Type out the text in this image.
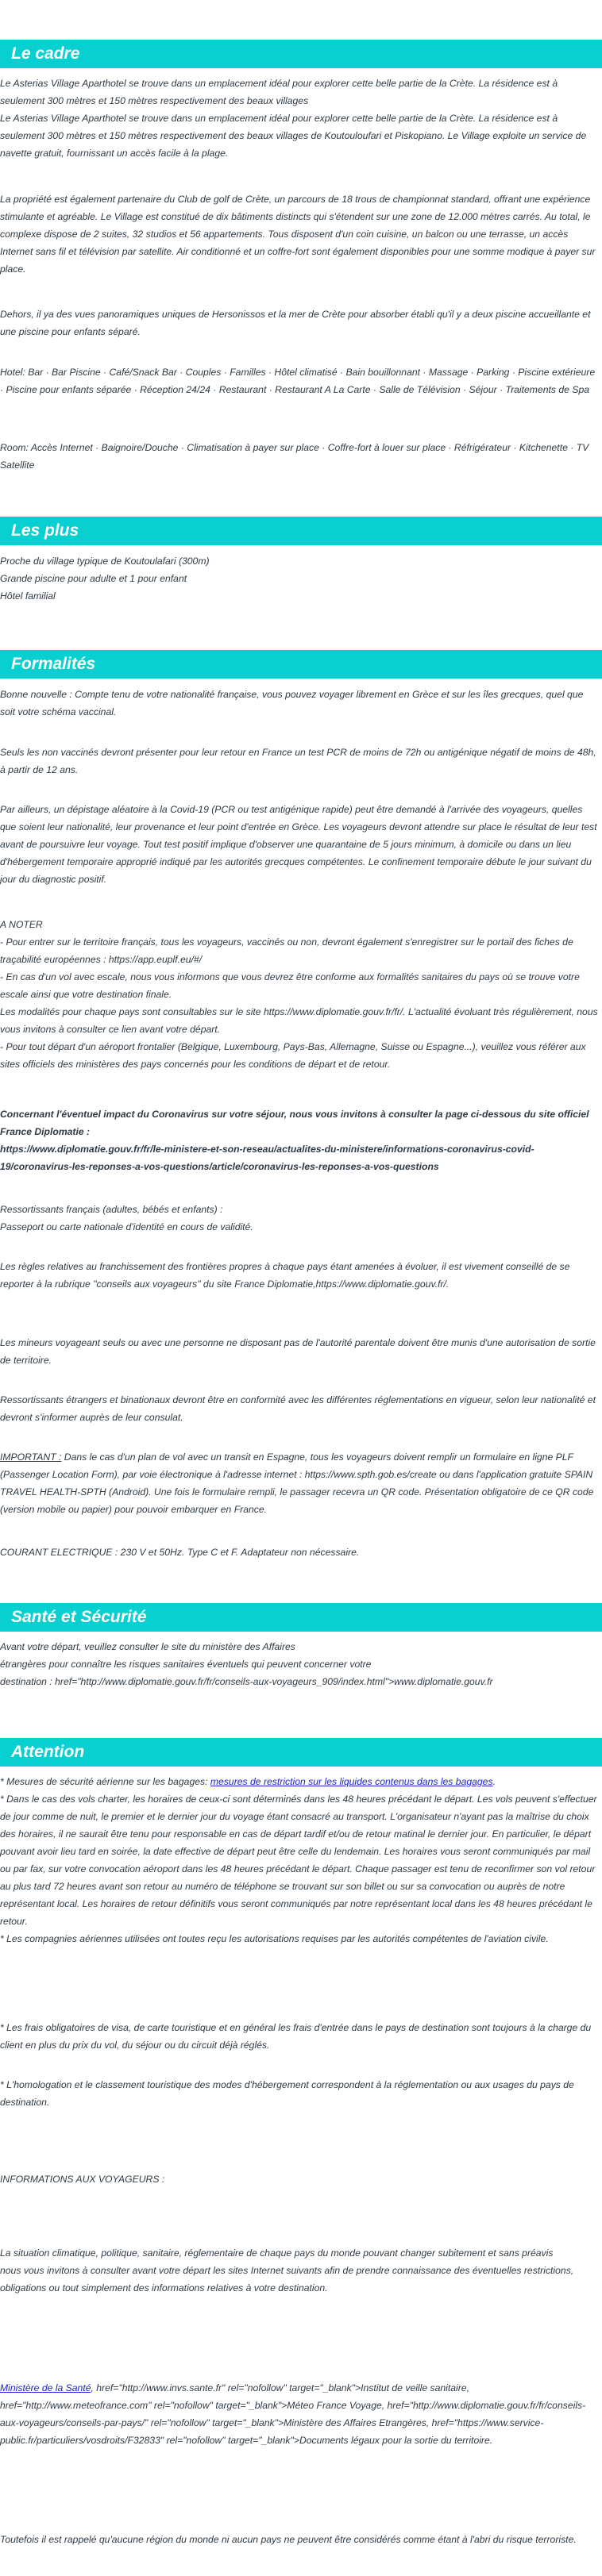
Le cadre

Le Asterias Village Aparthotel se trouve dans un emplacement idéal pour explorer cette belle partie de la Crète. La résidence est à seulement 300 mètres et 150 mètres respectivement des beaux villages

Le Asterias Village Aparthotel se trouve dans un emplacement idéal pour explorer cette belle partie de la Crète. La résidence est à seulement 300 mètres et 150 mètres respectivement des beaux villages de Koutouloufari et Piskopiano. Le Village exploite un service de navette gratuit, fournissant un accès facile à la plage.

La propriété est également partenaire du Club de golf de Crète, un parcours de 18 trous de championnat standard, offrant une expérience stimulante et agréable. Le Village est constitué de dix bâtiments distincts qui s'étendent sur une zone de 12.000 mètres carrés. Au total, le complexe dispose de 2 suites, 32 studios et 56 appartements. Tous disposent d'un coin cuisine, un balcon ou une terrasse, un accès Internet sans fil et télévision par satellite. Air conditionné et un coffre-fort sont également disponibles pour une somme modique à payer sur place.
Dehors, il ya des vues panoramiques uniques de Hersonissos et la mer de Crète pour absorber établi qu'il y a deux piscine accueillante et une piscine pour enfants séparé.
Hotel: Bar · Bar Piscine · Café/Snack Bar · Couples · Familles · Hôtel climatisé · Bain bouillonnant · Massage · Parking · Piscine extérieure · Piscine pour enfants séparée · Réception 24/24 · Restaurant · Restaurant A La Carte · Salle de Télévision · Séjour · Traitements de Spa
Room: Accès Internet · Baignoire/Douche · Climatisation à payer sur place · Coffre-fort à louer sur place · Réfrigérateur · Kitchenette · TV Satellite
Les plus

Proche du village typique de Koutoulafari (300m)

Grande piscine pour adulte et 1 pour enfant

Hôtel familial

Formalités
Bonne nouvelle : Compte tenu de votre nationalité française, vous pouvez voyager librement en Grèce et sur les îles grecques, quel que soit votre schéma vaccinal.
Seuls les non vaccinés devront présenter pour leur retour en France un test PCR de moins de 72h ou antigénique négatif de moins de 48h, à partir de 12 ans.
Par ailleurs, un dépistage aléatoire à la Covid-19 (PCR ou test antigénique rapide) peut être demandé à l'arrivée des voyageurs, quelles que soient leur nationalité, leur provenance et leur point d'entrée en Grèce. Les voyageurs devront attendre sur place le résultat de leur test avant de poursuivre leur voyage. Tout test positif implique d'observer une quarantaine de 5 jours minimum, à domicile ou dans un lieu d'hébergement temporaire approprié indiqué par les autorités grecques compétentes. Le confinement temporaire débute le jour suivant du jour du diagnostic positif.
A NOTER
- Pour entrer sur le territoire français, tous les voyageurs, vaccinés ou non, devront également s'enregistrer sur le portail des fiches de traçabilité européennes : https://app.euplf.eu/#/
- En cas d'un vol avec escale, nous vous informons que vous devrez être conforme aux formalités sanitaires du pays où se trouve votre escale ainsi que votre destination finale.
Les modalités pour chaque pays sont consultables sur le site https://www.diplomatie.gouv.fr/fr/. L'actualité évoluant très régulièrement, nous vous invitons à consulter ce lien avant votre départ.
- Pour tout départ d'un aéroport frontalier (Belgique, Luxembourg, Pays-Bas, Allemagne, Suisse ou Espagne...), veuillez vous référer aux sites officiels des ministères des pays concernés pour les conditions de départ et de retour.
Concernant l'éventuel impact du Coronavirus sur votre séjour, nous vous invitons à consulter la page ci-dessous du site officiel France Diplomatie :
https://www.diplomatie.gouv.fr/fr/le-ministere-et-son-reseau/actualites-du-ministere/informations-coronavirus-covid-19/coronavirus-les-reponses-a-vos-questions/article/coronavirus-les-reponses-a-vos-questions
Ressortissants français (adultes, bébés et enfants) :
Passeport ou carte nationale d'identité en cours de validité.
Les règles relatives au franchissement des frontières propres à chaque pays étant amenées à évoluer, il est vivement conseillé de se reporter à la rubrique "conseils aux voyageurs" du site France Diplomatie,https://www.diplomatie.gouv.fr/.
Les mineurs voyageant seuls ou avec une personne ne disposant pas de l'autorité parentale doivent être munis d'une autorisation de sortie de territoire.
Ressortissants étrangers et binationaux devront être en conformité avec les différentes réglementations en vigueur, selon leur nationalité et devront s'informer auprès de leur consulat.
IMPORTANT : Dans le cas d'un plan de vol avec un transit en Espagne, tous les voyageurs doivent remplir un formulaire en ligne PLF (Passenger Location Form), par voie électronique à l'adresse internet : https://www.spth.gob.es/create ou dans l'application gratuite SPAIN TRAVEL HEALTH-SPTH (Android). Une fois le formulaire rempli, le passager recevra un QR code. Présentation obligatoire de ce QR code (version mobile ou papier) pour pouvoir embarquer en France.
COURANT ELECTRIQUE : 230 V et 50Hz. Type C et F. Adaptateur non nécessaire.
Santé et Sécurité
Avant votre départ, veuillez consulter le site du ministère des Affaires
étrangères pour connaître les risques sanitaires éventuels qui peuvent concerner votre
destination : href="http://www.diplomatie.gouv.fr/fr/conseils-aux-voyageurs_909/index.html">www.diplomatie.gouv.fr
Attention
* Mesures de sécurité aérienne sur les bagages: mesures de restriction sur les liquides contenus dans les bagages.
* Dans le cas des vols charter, les horaires de ceux-ci sont déterminés dans les 48 heures précédant le départ. Les vols peuvent s'effectuer de jour comme de nuit, le premier et le dernier jour du voyage étant consacré au transport. L'organisateur n'ayant pas la maîtrise du choix des horaires, il ne saurait être tenu pour responsable en cas de départ tardif et/ou de retour matinal le dernier jour. En particulier, le départ pouvant avoir lieu tard en soirée, la date effective de départ peut être celle du lendemain. Les horaires vous seront communiqués par mail ou par fax, sur votre convocation aéroport dans les 48 heures précédant le départ. Chaque passager est tenu de reconfirmer son vol retour au plus tard 72 heures avant son retour au numéro de téléphone se trouvant sur son billet ou sur sa convocation ou auprès de notre représentant local. Les horaires de retour définitifs vous seront communiqués par notre représentant local dans les 48 heures précédant le retour.
* Les compagnies aériennes utilisées ont toutes reçu les autorisations requises par les autorités compétentes de l'aviation civile.
* Les frais obligatoires de visa, de carte touristique et en général les frais d'entrée dans le pays de destination sont toujours à la charge du client en plus du prix du vol, du séjour ou du circuit déjà réglés.
* L'homologation et le classement touristique des modes d'hébergement correspondent à la réglementation ou aux usages du pays de destination.
INFORMATIONS AUX VOYAGEURS :
La situation climatique, politique, sanitaire, réglementaire de chaque pays du monde pouvant changer subitement et sans préavis
nous vous invitons à consulter avant votre départ les sites Internet suivants afin de prendre connaissance des éventuelles restrictions, obligations ou tout simplement des informations relatives à votre destination.
Ministère de la Santé, href="http://www.invs.sante.fr" rel="nofollow" target="_blank">Institut de veille sanitaire, href="http://www.meteofrance.com" rel="nofollow" target="_blank">Méteo France Voyage, href="http://www.diplomatie.gouv.fr/fr/conseils-aux-voyageurs/conseils-par-pays/" rel="nofollow" target="_blank">Ministère des Affaires Etrangères, href="https://www.service-public.fr/particuliers/vosdroits/F32833" rel="nofollow" target="_blank">Documents légaux pour la sortie du territoire.
Toutefois il est rappelé qu'aucune région du monde ni aucun pays ne peuvent être considérés comme étant à l'abri du risque terroriste.
